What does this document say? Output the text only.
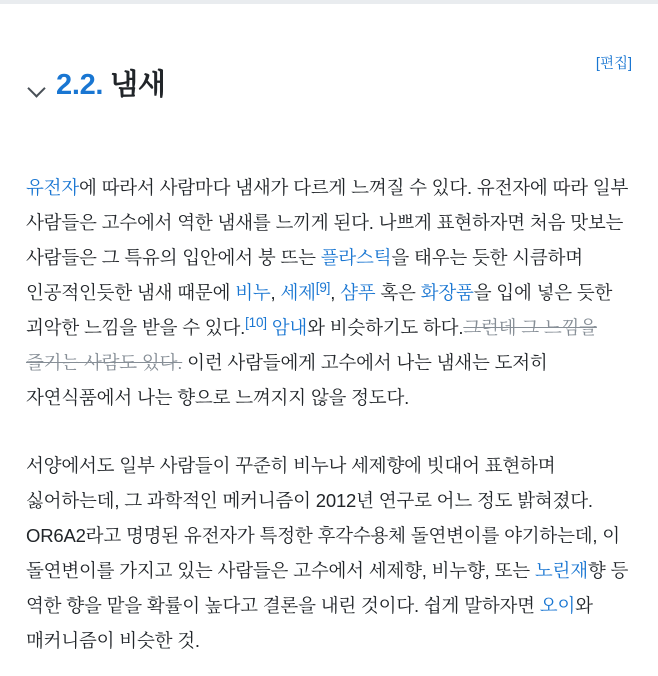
2.2. 냄새
[편집]

유전자에 따라서 사람마다 냄새가 다르게 느껴질 수 있다. 유전자에 따라 일부 사람들은 고수에서 역한 냄새를 느끼게 된다. 나쁘게 표현하자면 처음 맛보는 사람들은 그 특유의 입안에서 붕 뜨는 플라스틱을 태우는 듯한 시큼하며 인공적인듯한 냄새 때문에 비누, 세제[9], 샴푸 혹은 화장품을 입에 넣은 듯한 괴악한 느낌을 받을 수 있다.[10] 암내와 비슷하기도 하다.그런데 그 느낌을 즐기는 사람도 있다. 이런 사람들에게 고수에서 나는 냄새는 도저히 자연식품에서 나는 향으로 느껴지지 않을 정도다.

서양에서도 일부 사람들이 꾸준히 비누나 세제향에 빗대어 표현하며 싫어하는데, 그 과학적인 메커니즘이 2012년 연구로 어느 정도 밝혀졌다. OR6A2라고 명명된 유전자가 특정한 후각수용체 돌연변이를 야기하는데, 이 돌연변이를 가지고 있는 사람들은 고수에서 세제향, 비누향, 또는 노린재향 등 역한 향을 맡을 확률이 높다고 결론을 내린 것이다. 쉽게 말하자면 오이와 매커니즘이 비슷한 것.
